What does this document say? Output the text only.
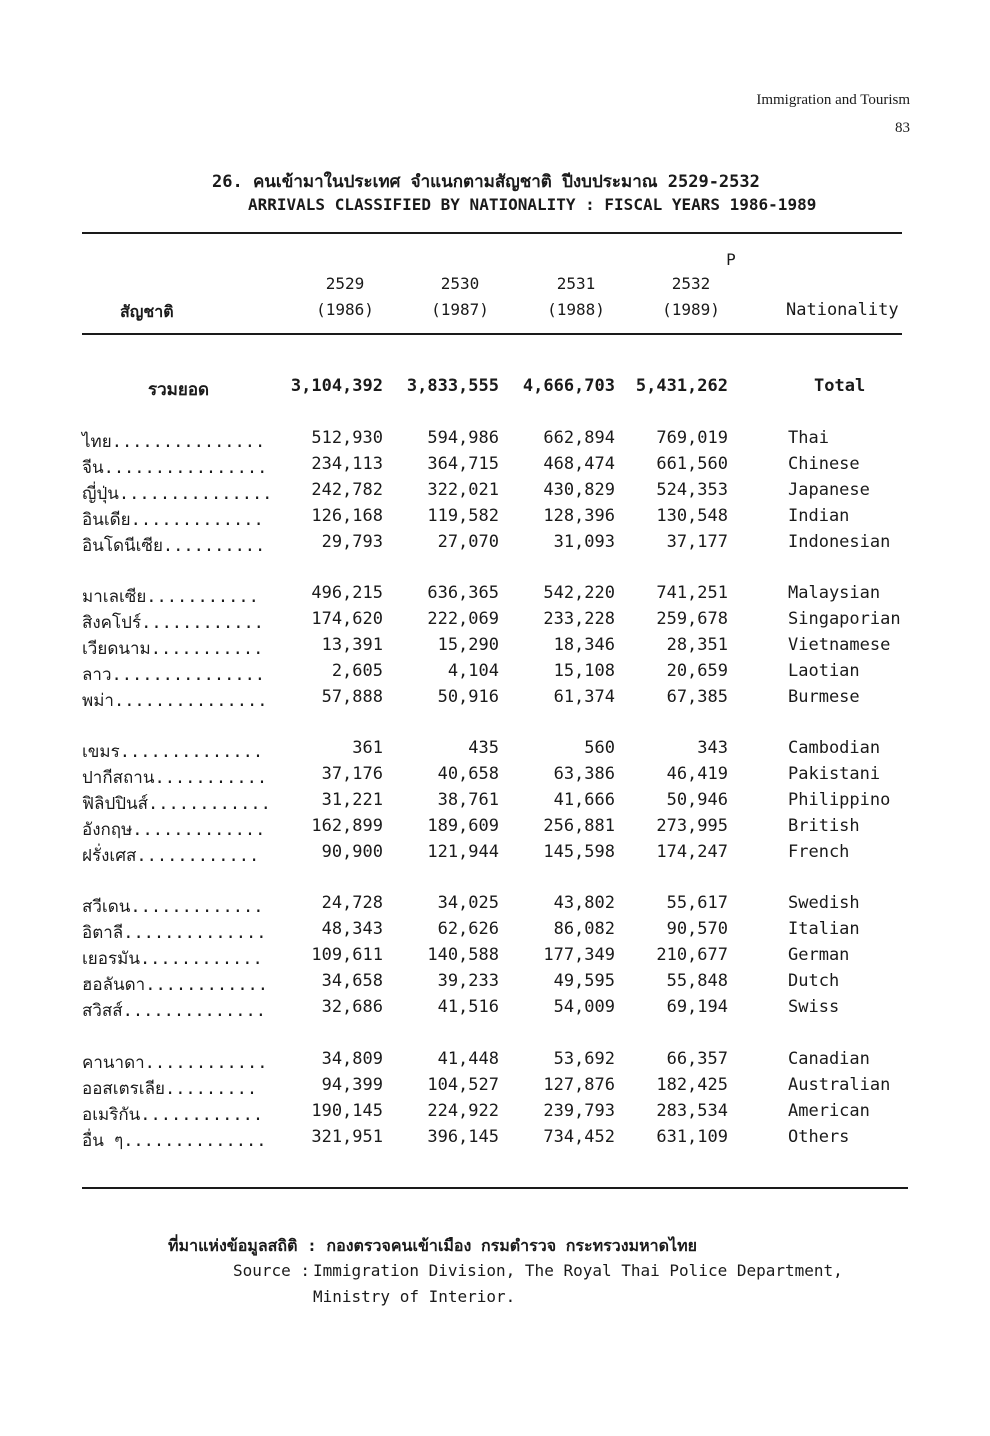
Immigration and Tourism
83
26. คนเข้ามาในประเทศ จำแนกตามสัญชาติ ปีงบประมาณ 2529-2532
ARRIVALS CLASSIFIED BY NATIONALITY : FISCAL YEARS 1986-1989
P
2529	2530	2531	2532
(1986)	(1987)	(1988)	(1989)
สัญชาติ	Nationality
รวมยอด	3,104,392	3,833,555	4,666,703	5,431,262	Total
ไทย...............	512,930	594,986	662,894	769,019	Thai
จีน................	234,113	364,715	468,474	661,560	Chinese
ญี่ปุ่น...............	242,782	322,021	430,829	524,353	Japanese
อินเดีย.............	126,168	119,582	128,396	130,548	Indian
อินโดนีเซีย..........	29,793	27,070	31,093	37,177	Indonesian
มาเลเซีย...........	496,215	636,365	542,220	741,251	Malaysian
สิงคโปร์............	174,620	222,069	233,228	259,678	Singaporian
เวียดนาม...........	13,391	15,290	18,346	28,351	Vietnamese
ลาว...............	2,605	4,104	15,108	20,659	Laotian
พม่า...............	57,888	50,916	61,374	67,385	Burmese
เขมร..............	361	435	560	343	Cambodian
ปากีสถาน...........	37,176	40,658	63,386	46,419	Pakistani
ฟิลิปปินส์............	31,221	38,761	41,666	50,946	Philippino
อังกฤษ.............	162,899	189,609	256,881	273,995	British
ฝรั่งเศส............	90,900	121,944	145,598	174,247	French
สวีเดน.............	24,728	34,025	43,802	55,617	Swedish
อิตาลี..............	48,343	62,626	86,082	90,570	Italian
เยอรมัน............	109,611	140,588	177,349	210,677	German
ฮอลันดา............	34,658	39,233	49,595	55,848	Dutch
สวิสส์..............	32,686	41,516	54,009	69,194	Swiss
คานาดา............	34,809	41,448	53,692	66,357	Canadian
ออสเตรเลีย.........	94,399	104,527	127,876	182,425	Australian
อเมริกัน............	190,145	224,922	239,793	283,534	American
อื่น ๆ..............	321,951	396,145	734,452	631,109	Others
ที่มาแห่งข้อมูลสถิติ : กองตรวจคนเข้าเมือง กรมตำรวจ กระทรวงมหาดไทย
Source : Immigration Division, The Royal Thai Police Department,
Ministry of Interior.
